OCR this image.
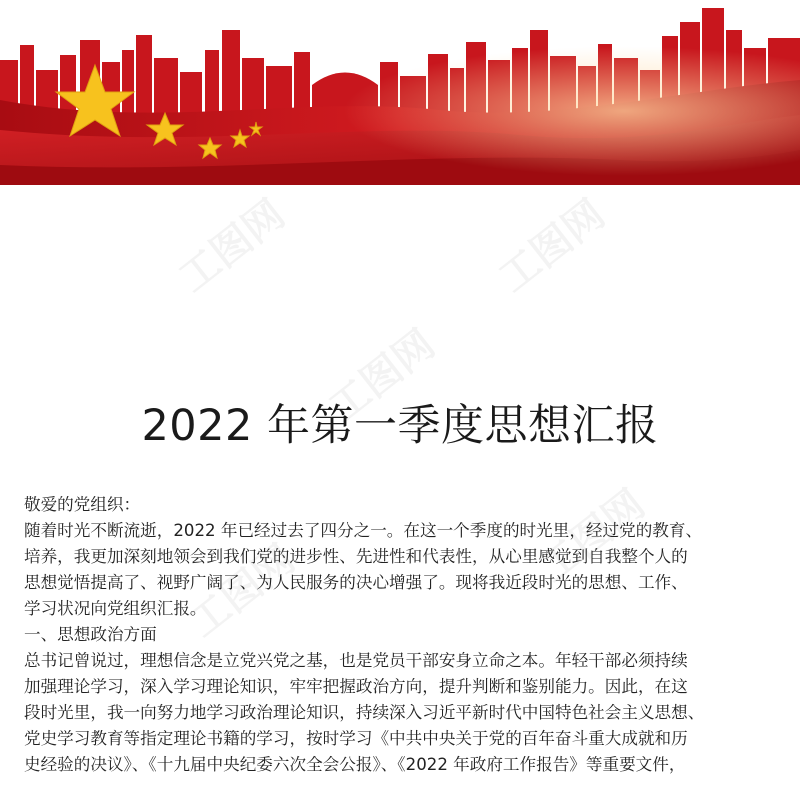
2022 年第一季度思想汇报

敬爱的党组织：

随着时光不断流逝，2022 年已经过去了四分之一。在这一个季度的时光里，经过党的教育、

培养，我更加深刻地领会到我们党的进步性、先进性和代表性，从心里感觉到自我整个人的

思想觉悟提高了、视野广阔了、为人民服务的决心增强了。现将我近段时光的思想、工作、

学习状况向党组织汇报。

一、思想政治方面

总书记曾说过，理想信念是立党兴党之基，也是党员干部安身立命之本。年轻干部必须持续

加强理论学习，深入学习理论知识，牢牢把握政治方向，提升判断和鉴别能力。因此，在这

段时光里，我一向努力地学习政治理论知识，持续深入习近平新时代中国特色社会主义思想、

党史学习教育等指定理论书籍的学习，按时学习《中共中央关于党的百年奋斗重大成就和历

史经验的决议》、《十九届中央纪委六次全会公报》、《2022 年政府工作报告》等重要文件，
